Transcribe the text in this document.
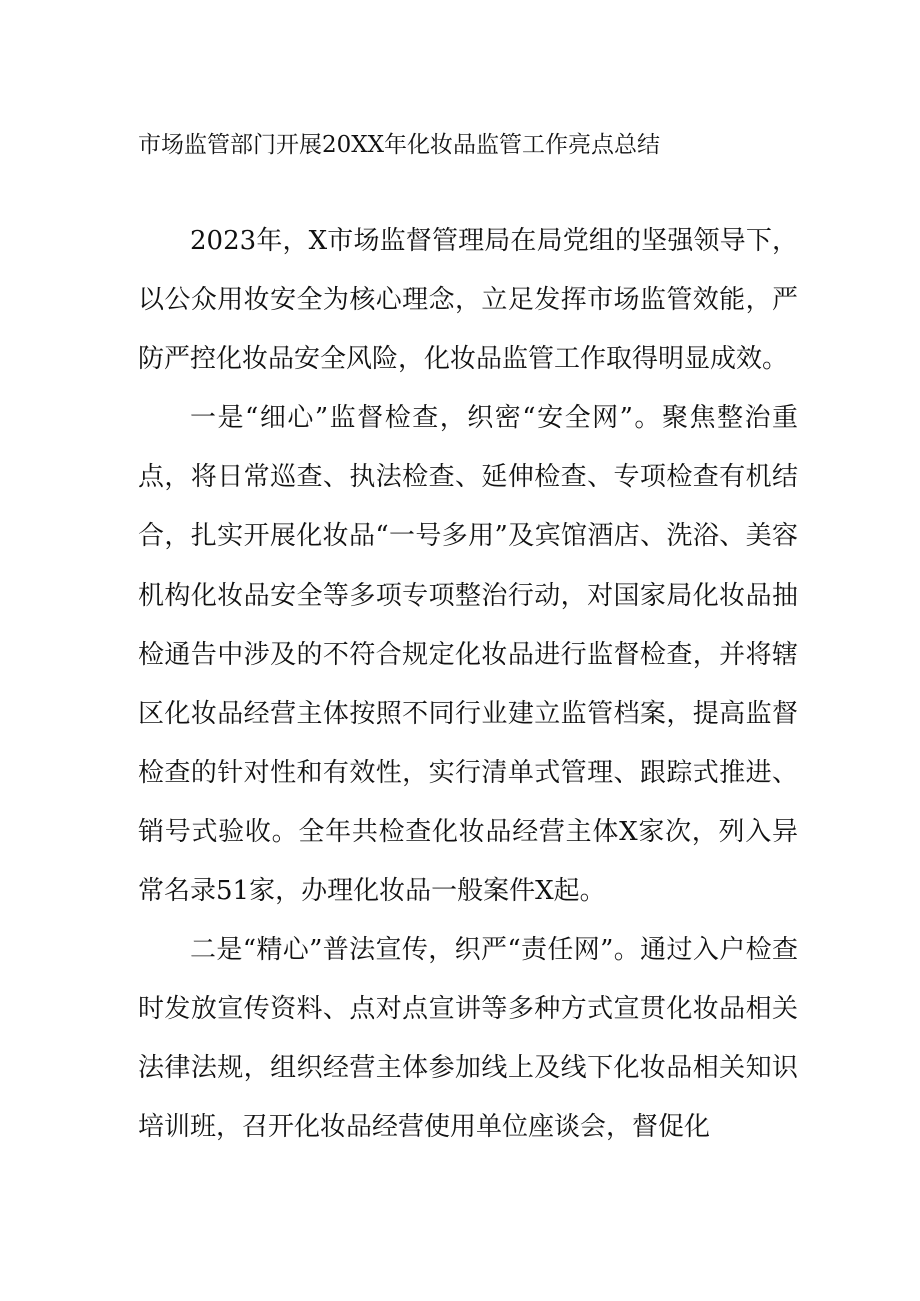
市场监管部门开展20XX年化妆品监管工作亮点总结

2023年，X市场监督管理局在局党组的坚强领导下，以公众用妆安全为核心理念，立足发挥市场监管效能，严防严控化妆品安全风险，化妆品监管工作取得明显成效。

一是“细心”监督检查，织密“安全网”。聚焦整治重点，将日常巡查、执法检查、延伸检查、专项检查有机结合，扎实开展化妆品“一号多用”及宾馆酒店、洗浴、美容机构化妆品安全等多项专项整治行动，对国家局化妆品抽检通告中涉及的不符合规定化妆品进行监督检查，并将辖区化妆品经营主体按照不同行业建立监管档案，提高监督检查的针对性和有效性，实行清单式管理、跟踪式推进、销号式验收。全年共检查化妆品经营主体X家次，列入异常名录51家，办理化妆品一般案件X起。

二是“精心”普法宣传，织严“责任网”。通过入户检查时发放宣传资料、点对点宣讲等多种方式宣贯化妆品相关法律法规，组织经营主体参加线上及线下化妆品相关知识培训班，召开化妆品经营使用单位座谈会，督促化
